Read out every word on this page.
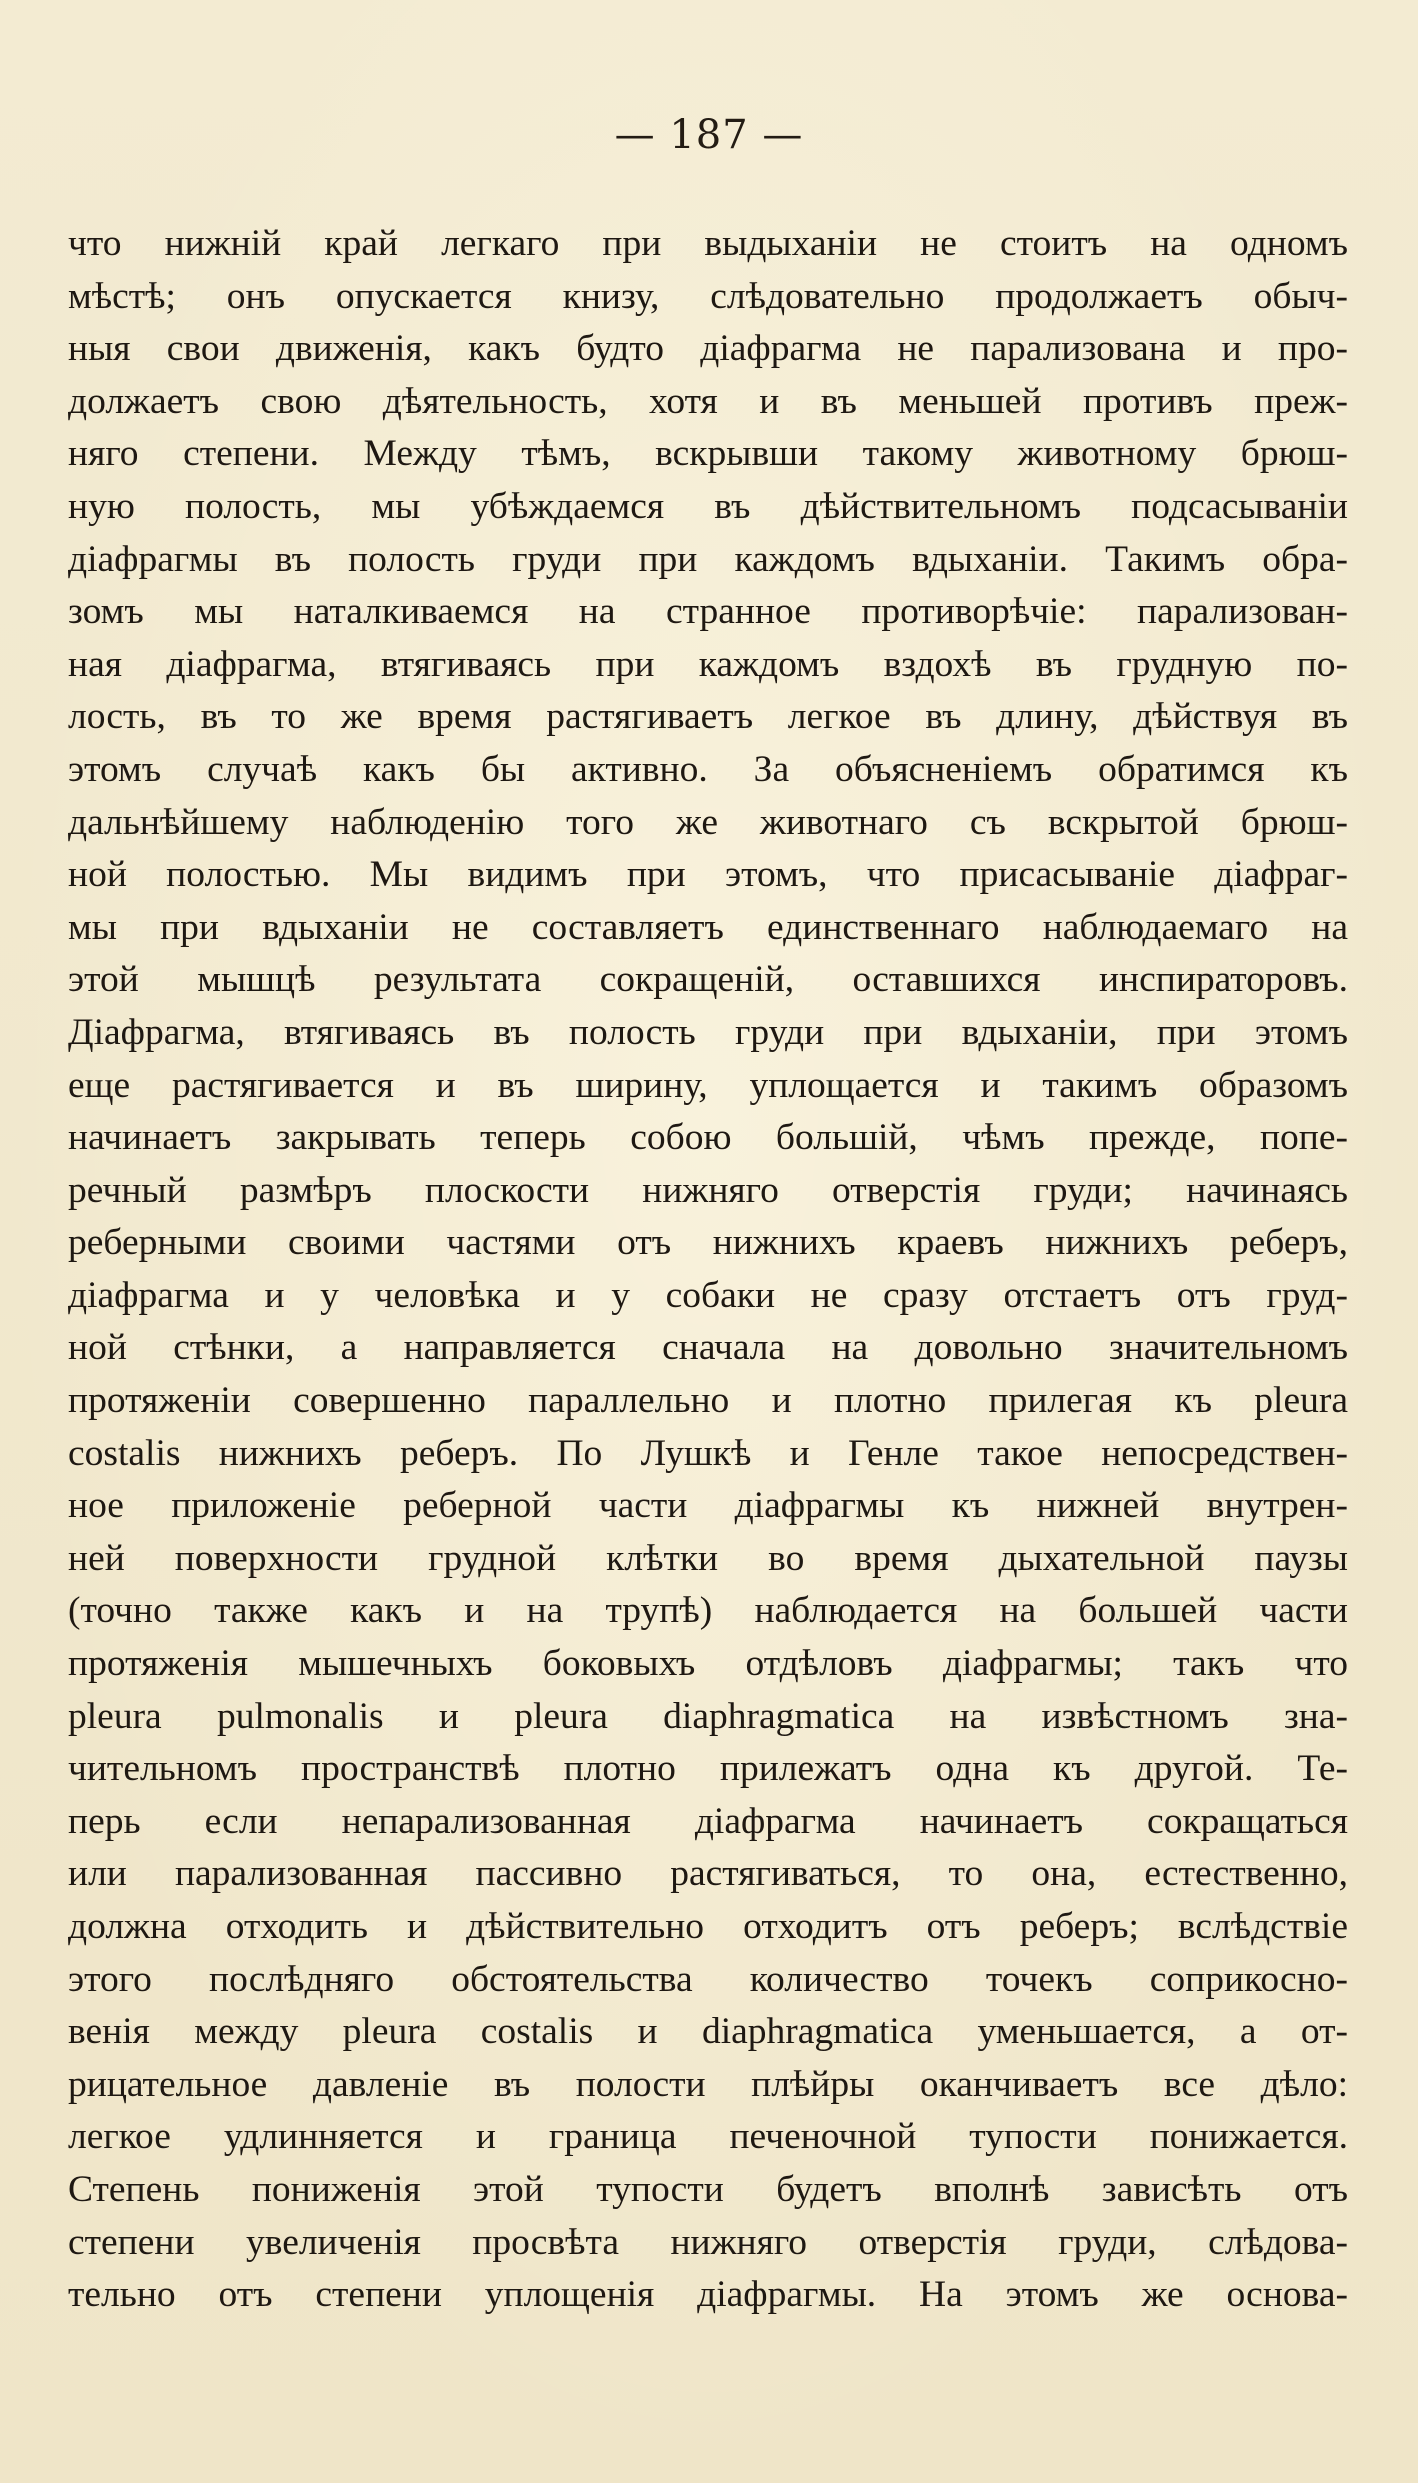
— 187 —
что нижній край легкаго при выдыханіи не стоитъ на одномъ
мѣстѣ; онъ опускается книзу, слѣдовательно продолжаетъ обыч-
ныя свои движенія, какъ будто діафрагма не парализована и про-
должаетъ свою дѣятельность, хотя и въ меньшей противъ преж-
няго степени. Между тѣмъ, вскрывши такому животному брюш-
ную полость, мы убѣждаемся въ дѣйствительномъ подсасываніи
діафрагмы въ полость груди при каждомъ вдыханіи. Такимъ обра-
зомъ мы наталкиваемся на странное противорѣчіе: парализован-
ная діафрагма, втягиваясь при каждомъ вздохѣ въ грудную по-
лость, въ то же время растягиваетъ легкое въ длину, дѣйствуя въ
этомъ случаѣ какъ бы активно. За объясненіемъ обратимся къ
дальнѣйшему наблюденію того же животнаго съ вскрытой брюш-
ной полостью. Мы видимъ при этомъ, что присасываніе діафраг-
мы при вдыханіи не составляетъ единственнаго наблюдаемаго на
этой мышцѣ результата сокращеній, оставшихся инспираторовъ.
Діафрагма, втягиваясь въ полость груди при вдыханіи, при этомъ
еще растягивается и въ ширину, уплощается и такимъ образомъ
начинаетъ закрывать теперь собою большій, чѣмъ прежде, попе-
речный размѣръ плоскости нижняго отверстія груди; начинаясь
реберными своими частями отъ нижнихъ краевъ нижнихъ реберъ,
діафрагма и у человѣка и у собаки не сразу отстаетъ отъ груд-
ной стѣнки, а направляется сначала на довольно значительномъ
протяженіи совершенно параллельно и плотно прилегая къ pleura
costalis нижнихъ реберъ. По Лушкѣ и Генле такое непосредствен-
ное приложеніе реберной части діафрагмы къ нижней внутрен-
ней поверхности грудной клѣтки во время дыхательной паузы
(точно также какъ и на трупѣ) наблюдается на большей части
протяженія мышечныхъ боковыхъ отдѣловъ діафрагмы; такъ что
pleura pulmonalis и pleura diaphragmatica на извѣстномъ зна-
чительномъ пространствѣ плотно прилежатъ одна къ другой. Те-
перь если непарализованная діафрагма начинаетъ сокращаться
или парализованная пассивно растягиваться, то она, естественно,
должна отходить и дѣйствительно отходитъ отъ реберъ; вслѣдствіе
этого послѣдняго обстоятельства количество точекъ соприкосно-
венія между pleura costalis и diaphragmatica уменьшается, а от-
рицательное давленіе въ полости плѣйры оканчиваетъ все дѣло:
легкое удлинняется и граница печеночной тупости понижается.
Степень пониженія этой тупости будетъ вполнѣ зависѣть отъ
степени увеличенія просвѣта нижняго отверстія груди, слѣдова-
тельно отъ степени уплощенія діафрагмы. На этомъ же основа-
